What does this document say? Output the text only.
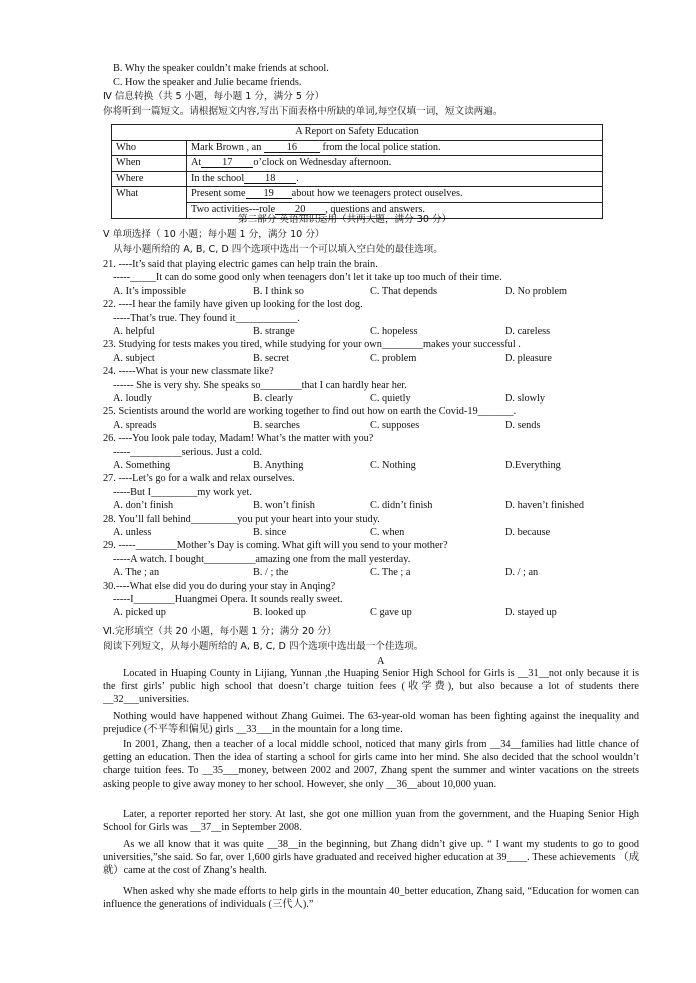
B. Why the speaker couldn’t make friends at school.
C. How the speaker and Julie became friends.
Ⅳ 信息转换（共 5 小题，每小题 1 分，满分 5 分）
你将听到一篇短文。请根据短文内容,写出下面表格中所缺的单词,每空仅填一词，短文读两遍。
A Report on Safety Education	
Who	Mark Brown , an 16 from the local police station.
When	At 17 o’clock on Wednesday afternoon.
Where	In the school 18 .
What	Present some 19 about how we teenagers protect ouselves.
	Two activities---role 20 , questions and answers.
第二部分 英语知识运用（共两大题，满分 30 分）
Ⅴ 单项选择（ 10 小题；每小题 1 分，满分 10 分）
从每小题所给的 A, B, C, D 四个选项中选出一个可以填入空白处的最佳选项。
21. ----It’s said that playing electric games can help train the brain.
-----_____It can do some good only when teenagers don’t let it take up too much of their time.
A. It’s impossible	B. I think so	C. That depends	D. No problem
22. ----I hear the family have given up looking for the lost dog.
-----That’s true. They found it____________.
A. helpful	B. strange	C. hopeless	D. careless
23. Studying for tests makes you tired, while studying for your own________makes your successful .
A. subject	B. secret	C. problem	D. pleasure
24. -----What is your new classmate like?
------ She is very shy. She speaks so________that I can hardly hear her.
A. loudly	B. clearly	C. quietly	D. slowly
25. Scientists around the world are working together to find out how on earth the Covid-19_______.
A. spreads	B. searches	C. supposes	D. sends
26. ----You look pale today, Madam! What’s the matter with you?
-----__________serious. Just a cold.
A. Something	B. Anything	C. Nothing	D.Everything
27. ----Let’s go for a walk and relax ourselves.
-----But I_________my work yet.
A. don’t finish	B. won’t finish	C. didn’t finish	D. haven’t finished
28. You’ll fall behind_________you put your heart into your study.
A. unless	B. since	C. when	D. because
29. -----________Mother’s Day is coming. What gift will you send to your mother?
-----A watch. I bought__________amazing one from the mall yesterday.
A. The ; an	B. / ; the	C. The ; a	D. / ; an
30.----What else did you do during your stay in Anqing?
-----I________Huangmei Opera. It sounds really sweet.
A. picked up	B. looked up	C gave up	D. stayed up
Ⅵ.完形填空（共 20 小题，每小题 1 分；满分 20 分）
阅读下列短文，从每小题所给的 A, B, C, D 四个选项中选出最一个佳选项。
A
Located in Huaping County in Lijiang, Yunnan ,the Huaping Senior High School for Girls is __31__not only because it is the first girls’ public high school that doesn’t charge tuition fees (收学费), but also because a lot of students there __32___universities.
Nothing would have happened without Zhang Guimei. The 63-year-old woman has been fighting against the inequality and prejudice (不平等和偏见) girls __33___in the mountain for a long time.
In 2001, Zhang, then a teacher of a local middle school, noticed that many girls from __34__families had little chance of getting an education. Then the idea of starting a school for girls came into her mind. She also decided that the school wouldn’t charge tuition fees. To __35___money, between 2002 and 2007, Zhang spent the summer and winter vacations on the streets asking people to give away money to her school. However, she only __36__about 10,000 yuan.
Later, a reporter reported her story. At last, she got one million yuan from the government, and the Huaping Senior High School for Girls was __37__in September 2008.
As we all know that it was quite __38__in the beginning, but Zhang didn’t give up. “ I want my students to go to good universities,”she said. So far, over 1,600 girls have graduated and received higher education at 39____. These achievements （成就）came at the cost of Zhang’s health.
When asked why she made efforts to help girls in the mountain 40_better education, Zhang said, “Education for women can influence the generations of individuals (三代人).”
